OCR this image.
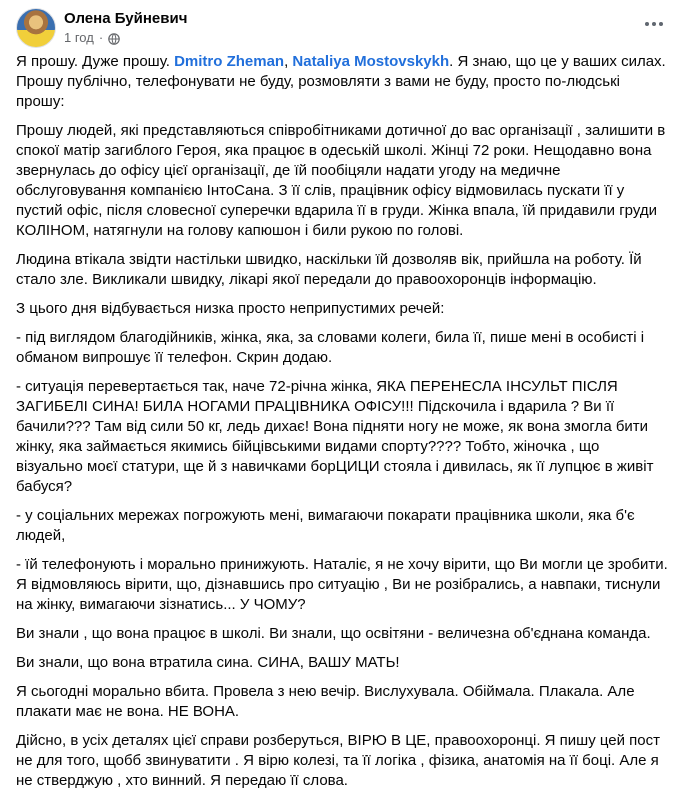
Олена Буйневич
1 год ·

Я прошу. Дуже прошу. Dmitro Zheman, Nataliya Mostovskykh. Я знаю, що це у ваших силах. Прошу публічно, телефонувати не буду, розмовляти з вами не буду, просто по-людські прошу:

Прошу людей, які представляються співробітниками дотичної до вас організації , залишити в спокої матір загиблого Героя, яка працює в одеській школі. Жінці 72 роки. Нещодавно вона звернулась до офісу цієї організації, де їй пообіцяли надати угоду на медичне обслуговування компанією ІнтоСана. З її слів, працівник офісу відмовилась пускати її у пустий офіс, після словесної суперечки вдарила її в груди. Жінка впала, їй придавили груди КОЛІНОМ, натягнули на голову капюшон і били рукою по голові.

Людина втікала звідти настільки швидко, наскільки їй дозволяв вік, прийшла на роботу. Їй стало зле. Викликали швидку, лікарі якої передали до правоохоронців інформацію.

З цього дня відбувається низка просто неприпустимих речей:

- під виглядом благодійників, жінка, яка, за словами колеги, била її, пише мені в особисті і обманом випрошує її телефон. Скрин додаю.

- ситуація перевертається так, наче 72-річна жінка, ЯКА ПЕРЕНЕСЛА ІНСУЛЬТ ПІСЛЯ ЗАГИБЕЛІ СИНА! БИЛА НОГАМИ ПРАЦІВНИКА ОФІСУ!!! Підскочила і вдарила ? Ви її бачили??? Там від сили 50 кг, ледь дихає! Вона підняти ногу не може, як вона змогла бити жінку, яка займається якимись бійцівськими видами спорту???? Тобто, жіночка , що візуально моєї статури, ще й з навичками борЦИЦИ стояла і дивилась, як її лупцює в живіт бабуся?

- у соціальних мережах погрожують мені, вимагаючи покарати працівника школи, яка б'є людей,

- їй телефонують і морально принижують. Наталіє, я не хочу вірити, що Ви могли це зробити. Я відмовляюсь вірити, що, дізнавшись про ситуацію , Ви не розібрались, а навпаки, тиснули на жінку, вимагаючи зізнатись... У ЧОМУ?

Ви знали , що вона працює в школі. Ви знали, що освітяни - величезна об'єднана команда.

Ви знали, що вона втратила сина. СИНА, ВАШУ МАТЬ!

Я сьогодні морально вбита. Провела з нею вечір. Вислухувала. Обіймала. Плакала. Але плакати має не вона. НЕ ВОНА.

Дійсно, в усіх деталях цієї справи розберуться, ВІРЮ В ЦЕ, правоохоронці. Я пишу цей пост не для того, щобб звинуватити . Я вірю колезі, та її логіка , фізика, анатомія на її боці. Але я не стверджую , хто винний. Я передаю її слова.
